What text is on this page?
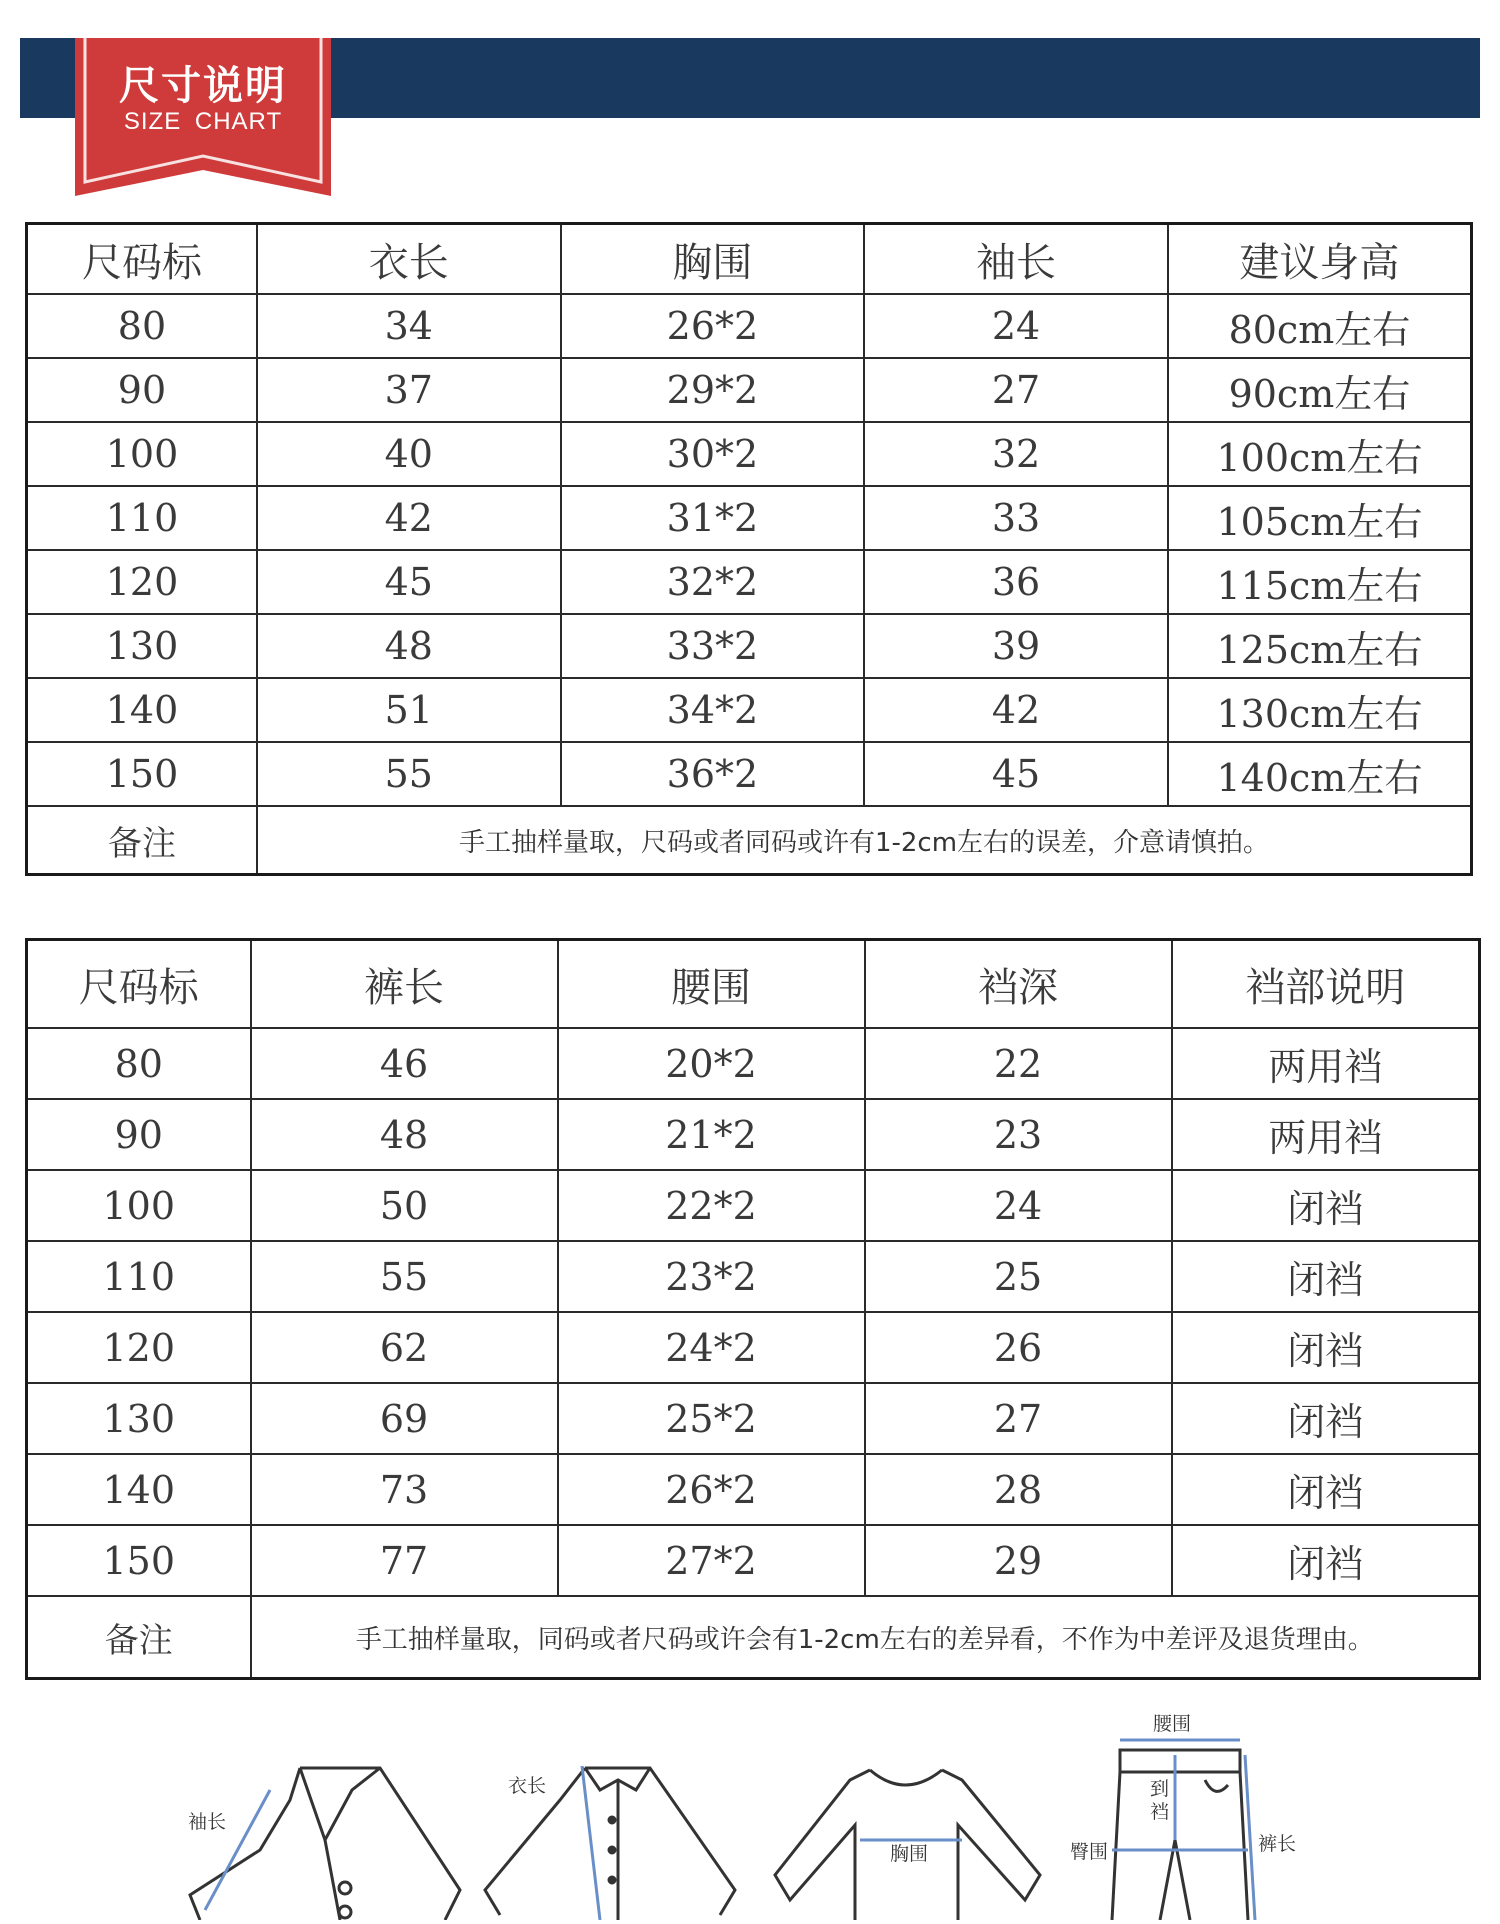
尺寸说明
SIZE CHART
尺码标	衣长	胸围	袖长	建议身高
80	34	26*2	24	80cm左右
90	37	29*2	27	90cm左右
100	40	30*2	32	100cm左右
110	42	31*2	33	105cm左右
120	45	32*2	36	115cm左右
130	48	33*2	39	125cm左右
140	51	34*2	42	130cm左右
150	55	36*2	45	140cm左右
备注	手工抽样量取，尺码或者同码或许有1-2cm左右的误差，介意请慎拍。			
尺码标	裤长	腰围	裆深	裆部说明
80	46	20*2	22	两用裆
90	48	21*2	23	两用裆
100	50	22*2	24	闭裆
110	55	23*2	25	闭裆
120	62	24*2	26	闭裆
130	69	25*2	27	闭裆
140	73	26*2	28	闭裆
150	77	27*2	29	闭裆
备注	手工抽样量取，同码或者尺码或许会有1-2cm左右的差异看，不作为中差评及退货理由。			
袖长
衣长
胸围
腰围
到
裆
臀围	裤长
